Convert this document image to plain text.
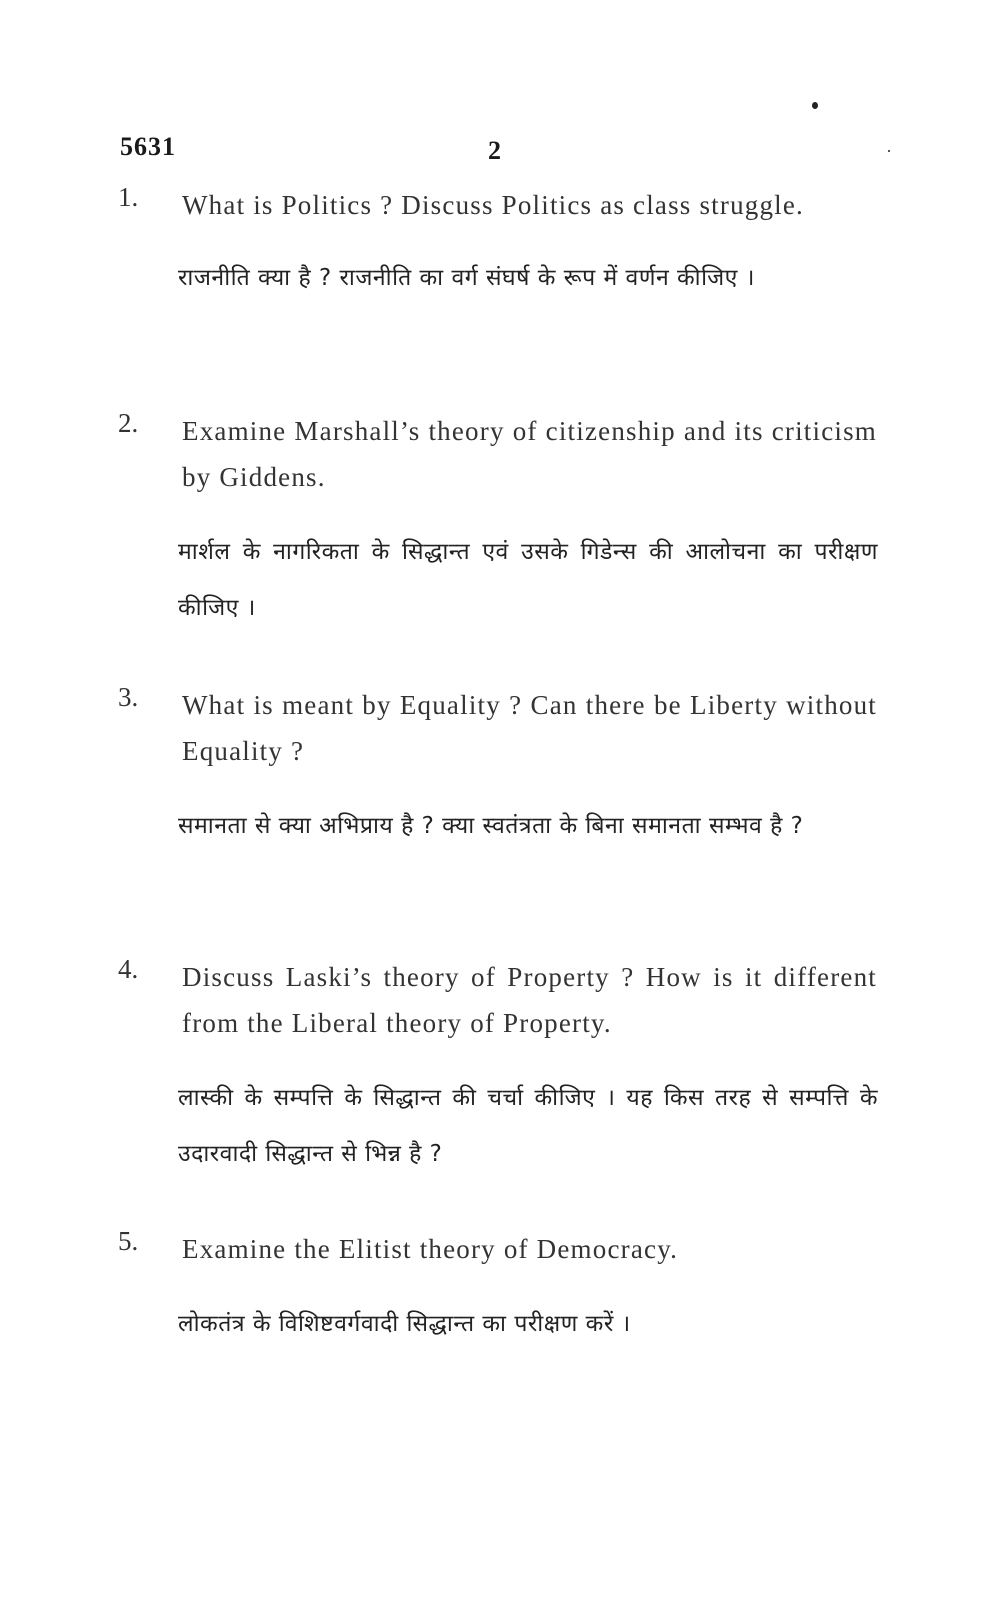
5631	2
1. What is Politics ? Discuss Politics as class struggle.
राजनीति क्या है ? राजनीति का वर्ग संघर्ष के रूप में वर्णन कीजिए ।
2. Examine Marshall’s theory of citizenship and its criticism by Giddens.
मार्शल के नागरिकता के सिद्धान्त एवं उसके गिडेन्स की आलोचना का परीक्षण कीजिए ।
3. What is meant by Equality ? Can there be Liberty without Equality ?
समानता से क्या अभिप्राय है ? क्या स्वतंत्रता के बिना समानता सम्भव है ?
4. Discuss Laski’s theory of Property ? How is it different from the Liberal theory of Property.
लास्की के सम्पत्ति के सिद्धान्त की चर्चा कीजिए । यह किस तरह से सम्पत्ति के उदारवादी सिद्धान्त से भिन्न है ?
5. Examine the Elitist theory of Democracy.
लोकतंत्र के विशिष्टवर्गवादी सिद्धान्त का परीक्षण करें ।
